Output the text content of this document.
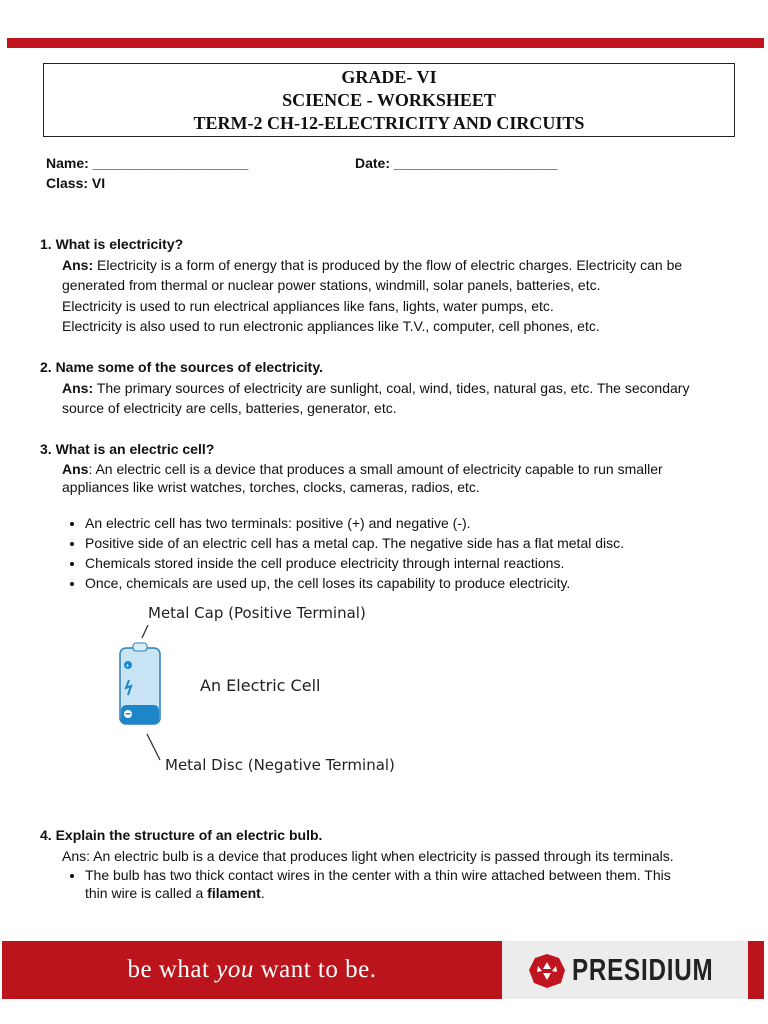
GRADE- VI
SCIENCE - WORKSHEET
TERM-2 CH-12-ELECTRICITY AND CIRCUITS
Name: ____________________	Date: _____________________
Class: VI
1. What is electricity?
Ans: Electricity is a form of energy that is produced by the flow of electric charges. Electricity can be
generated from thermal or nuclear power stations, windmill, solar panels, batteries, etc.
Electricity is used to run electrical appliances like fans, lights, water pumps, etc.
Electricity is also used to run electronic appliances like T.V., computer, cell phones, etc.
2. Name some of the sources of electricity.
Ans: The primary sources of electricity are sunlight, coal, wind, tides, natural gas, etc. The secondary
source of electricity are cells, batteries, generator, etc.
3. What is an electric cell?
Ans: An electric cell is a device that produces a small amount of electricity capable to run smaller
appliances like wrist watches, torches, clocks, cameras, radios, etc.
• An electric cell has two terminals: positive (+) and negative (-).
• Positive side of an electric cell has a metal cap. The negative side has a flat metal disc.
• Chemicals stored inside the cell produce electricity through internal reactions.
• Once, chemicals are used up, the cell loses its capability to produce electricity.
Metal Cap (Positive Terminal)
An Electric Cell
Metal Disc (Negative Terminal)
+
4. Explain the structure of an electric bulb.
Ans: An electric bulb is a device that produces light when electricity is passed through its terminals.
• The bulb has two thick contact wires in the center with a thin wire attached between them. This
thin wire is called a filament.
be what you want to be.	PRESIDIUM
